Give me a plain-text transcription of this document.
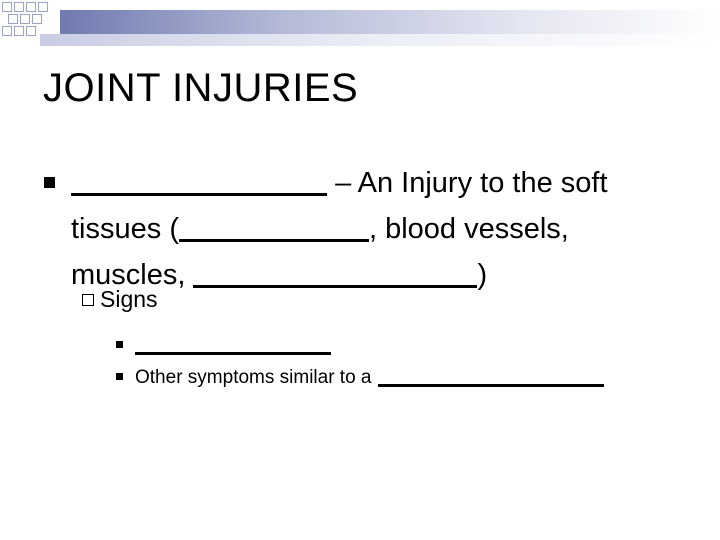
JOINT INJURIES
– An Injury to the soft
tissues (	, blood vessels,
muscles,	)
Signs
Other symptoms similar to a
